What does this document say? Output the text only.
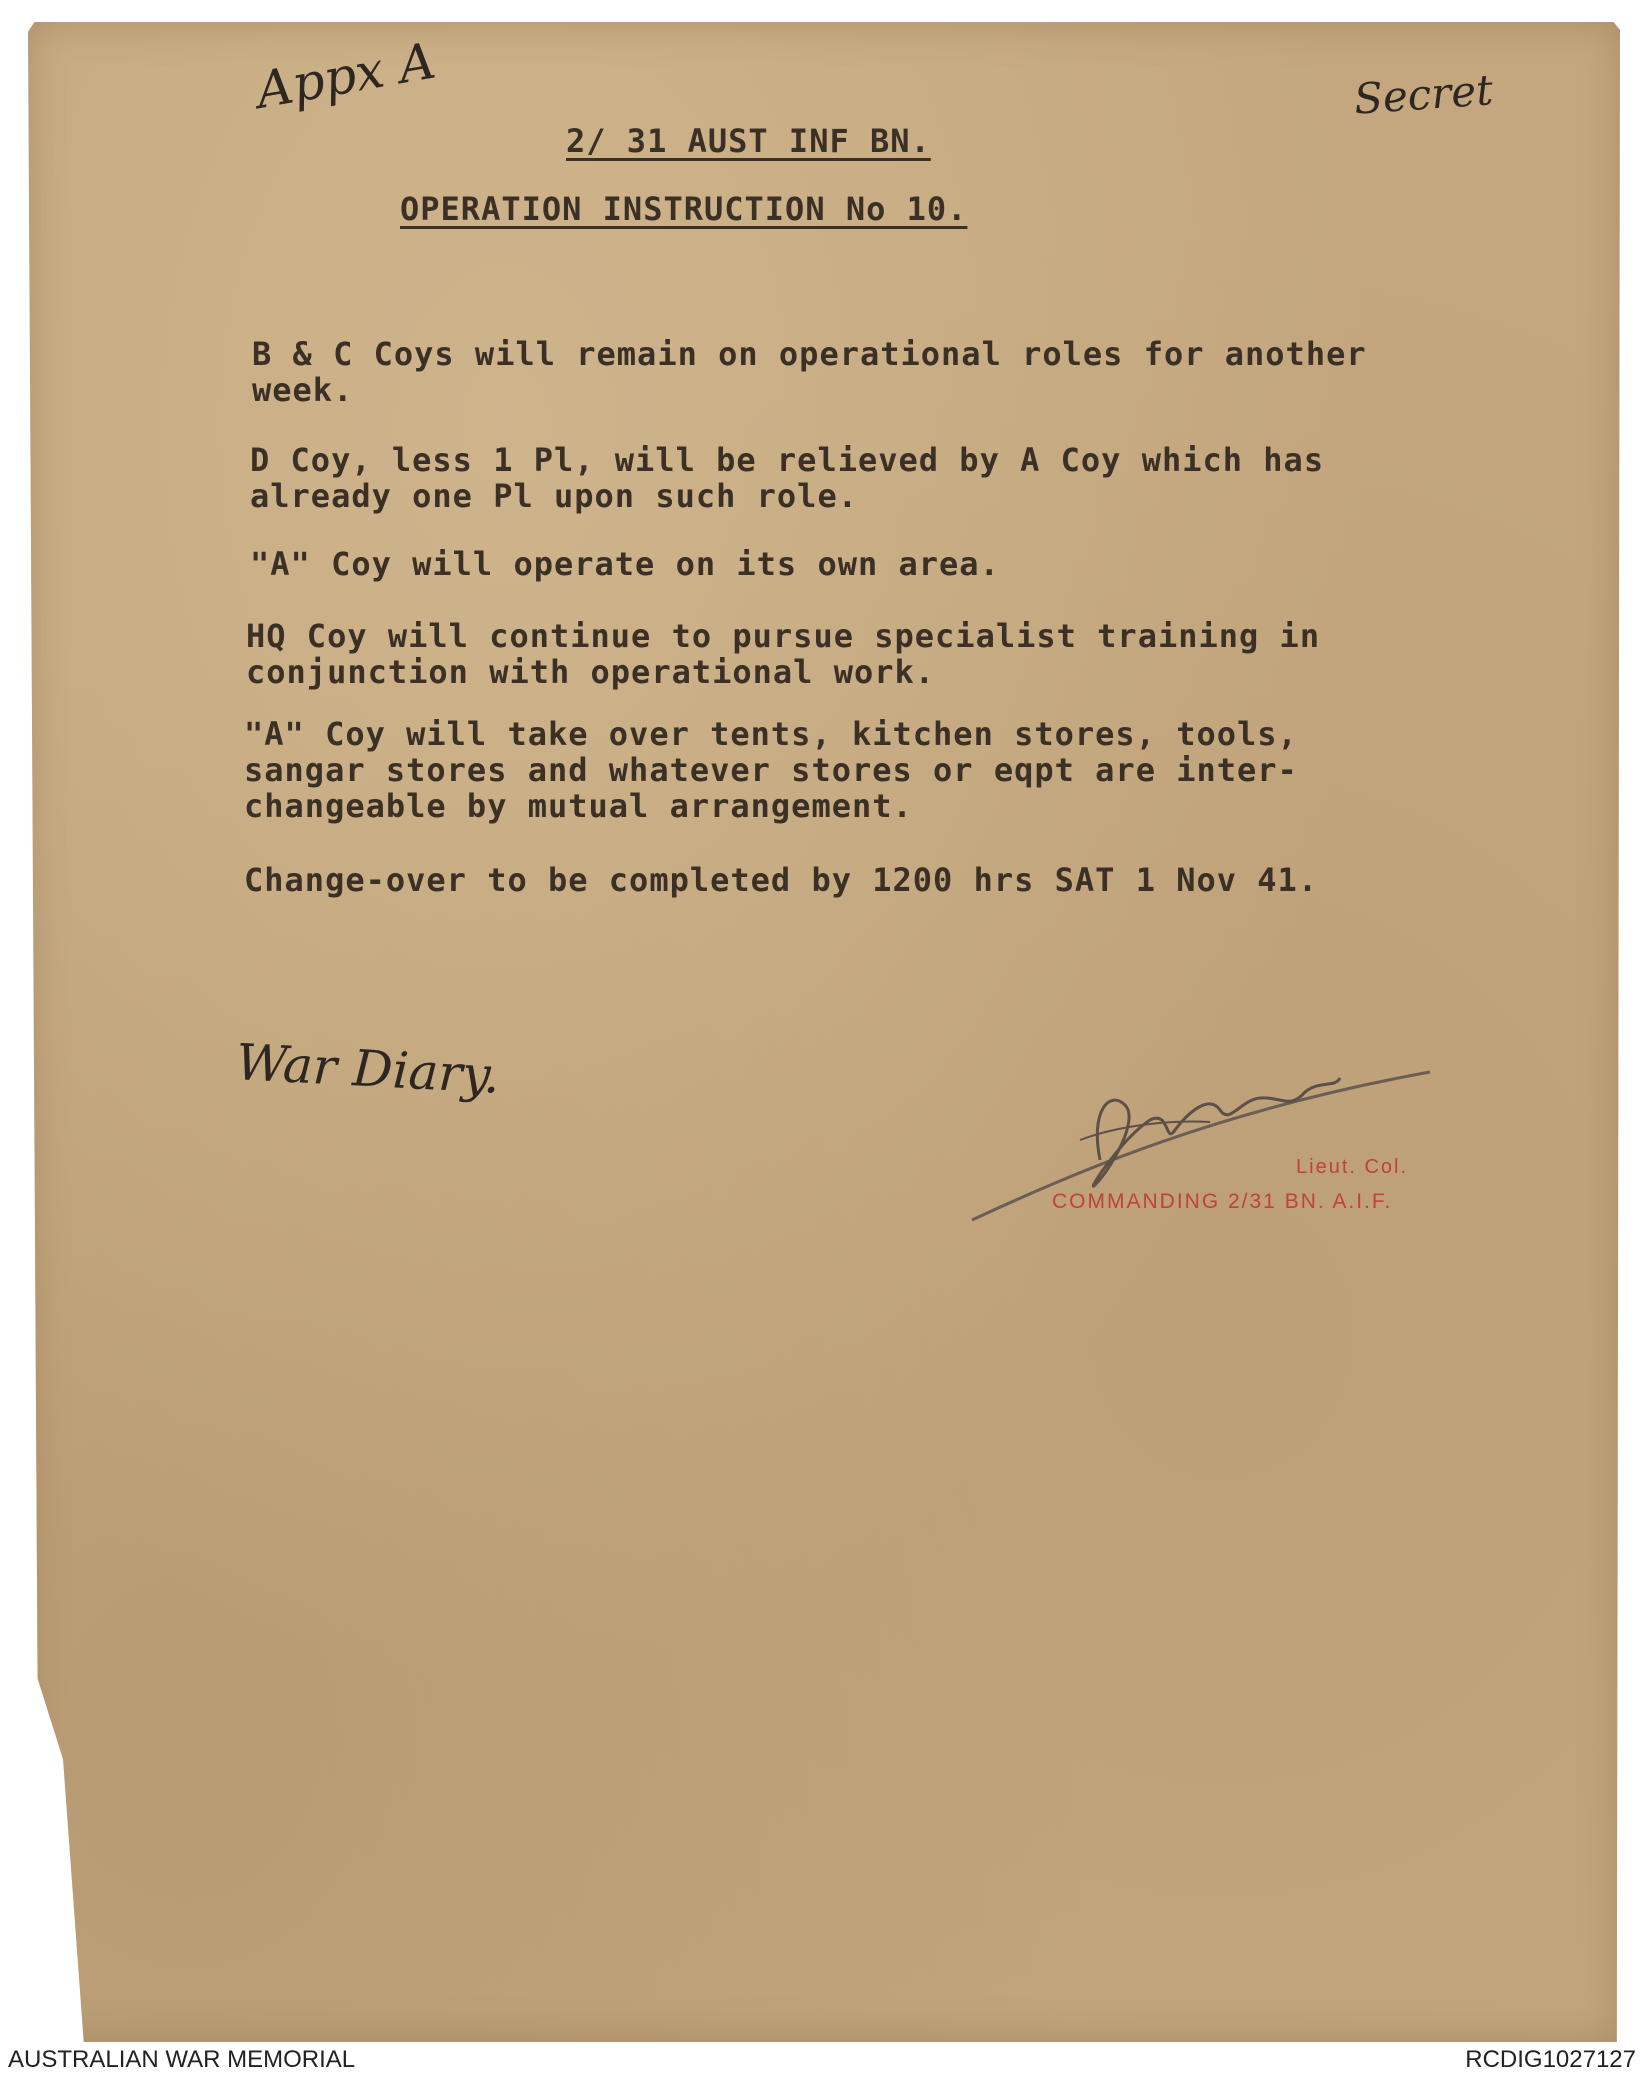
Appx A	Secret
2/ 31 AUST INF BN.
OPERATION INSTRUCTION No 10.
B & C Coys will remain on operational roles for another
week.
D Coy, less 1 Pl, will be relieved by A Coy which has
already one Pl upon such role.
"A" Coy will operate on its own area.
HQ Coy will continue to pursue specialist training in
conjunction with operational work.
"A" Coy will take over tents, kitchen stores, tools,
sangar stores and whatever stores or eqpt are inter-
changeable by mutual arrangement.
Change-over to be completed by 1200 hrs SAT 1 Nov 41.
War Diary.
Lieut. Col.
COMMANDING 2/31 BN. A.I.F.
AUSTRALIAN WAR MEMORIAL	RCDIG1027127
